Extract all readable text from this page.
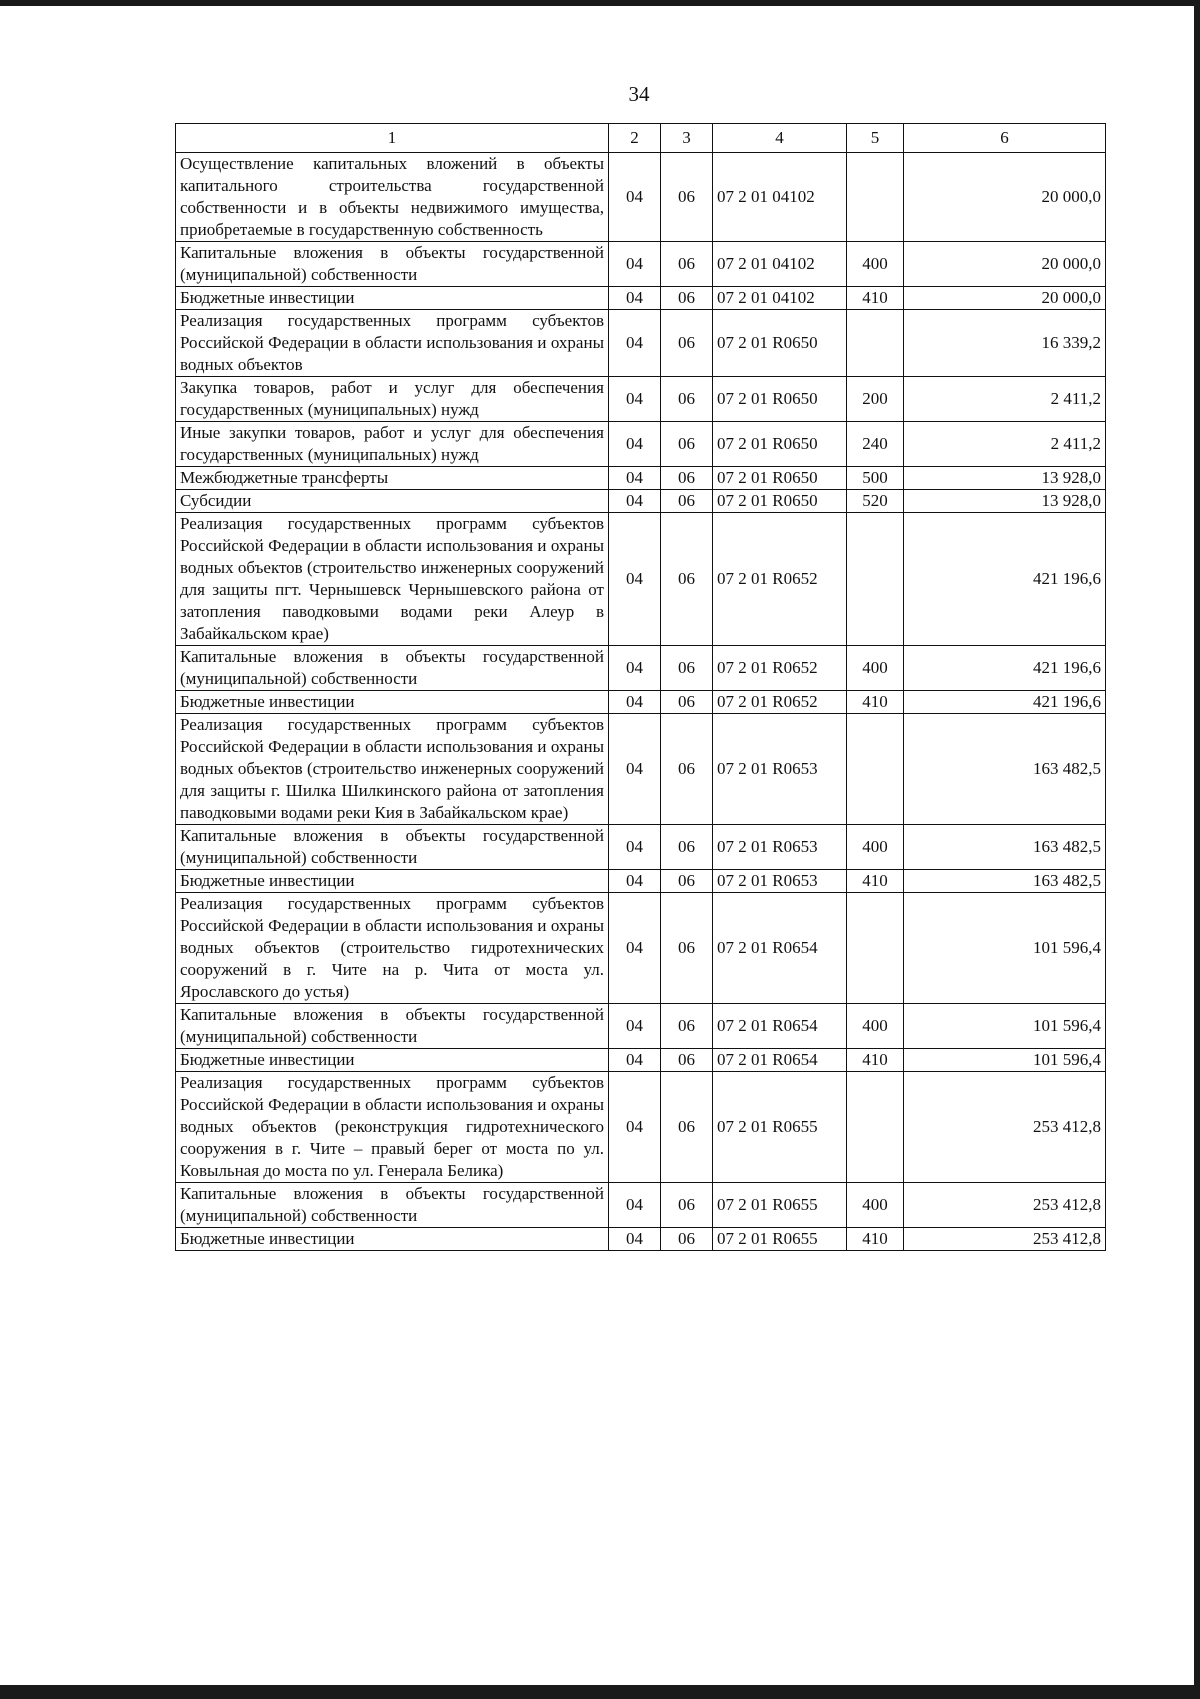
34
1	2	3	4	5	6
Осуществление капитальных вложений в объекты капитального строительства государственной собственности и в объекты недвижимого имущества, приобретаемые в государственную собственность	04	06	07 2 01 04102		20 000,0
Капитальные вложения в объекты государственной (муниципальной) собственности	04	06	07 2 01 04102	400	20 000,0
Бюджетные инвестиции	04	06	07 2 01 04102	410	20 000,0
Реализация государственных программ субъектов Российской Федерации в области использования и охраны водных объектов	04	06	07 2 01 R0650		16 339,2
Закупка товаров, работ и услуг для обеспечения государственных (муниципальных) нужд	04	06	07 2 01 R0650	200	2 411,2
Иные закупки товаров, работ и услуг для обеспечения государственных (муниципальных) нужд	04	06	07 2 01 R0650	240	2 411,2
Межбюджетные трансферты	04	06	07 2 01 R0650	500	13 928,0
Субсидии	04	06	07 2 01 R0650	520	13 928,0
Реализация государственных программ субъектов Российской Федерации в области использования и охраны водных объектов (строительство инженерных сооружений для защиты пгт. Чернышевск Чернышевского района от затопления паводковыми водами реки Алеур в Забайкальском крае)	04	06	07 2 01 R0652		421 196,6
Капитальные вложения в объекты государственной (муниципальной) собственности	04	06	07 2 01 R0652	400	421 196,6
Бюджетные инвестиции	04	06	07 2 01 R0652	410	421 196,6
Реализация государственных программ субъектов Российской Федерации в области использования и охраны водных объектов (строительство инженерных сооружений для защиты г. Шилка Шилкинского района от затопления паводковыми водами реки Кия в Забайкальском крае)	04	06	07 2 01 R0653		163 482,5
Капитальные вложения в объекты государственной (муниципальной) собственности	04	06	07 2 01 R0653	400	163 482,5
Бюджетные инвестиции	04	06	07 2 01 R0653	410	163 482,5
Реализация государственных программ субъектов Российской Федерации в области использования и охраны водных объектов (строительство гидротехнических сооружений в г. Чите на р. Чита от моста ул. Ярославского до устья)	04	06	07 2 01 R0654		101 596,4
Капитальные вложения в объекты государственной (муниципальной) собственности	04	06	07 2 01 R0654	400	101 596,4
Бюджетные инвестиции	04	06	07 2 01 R0654	410	101 596,4
Реализация государственных программ субъектов Российской Федерации в области использования и охраны водных объектов (реконструкция гидротехнического сооружения в г. Чите – правый берег от моста по ул. Ковыльная до моста по ул. Генерала Белика)	04	06	07 2 01 R0655		253 412,8
Капитальные вложения в объекты государственной (муниципальной) собственности	04	06	07 2 01 R0655	400	253 412,8
Бюджетные инвестиции	04	06	07 2 01 R0655	410	253 412,8
